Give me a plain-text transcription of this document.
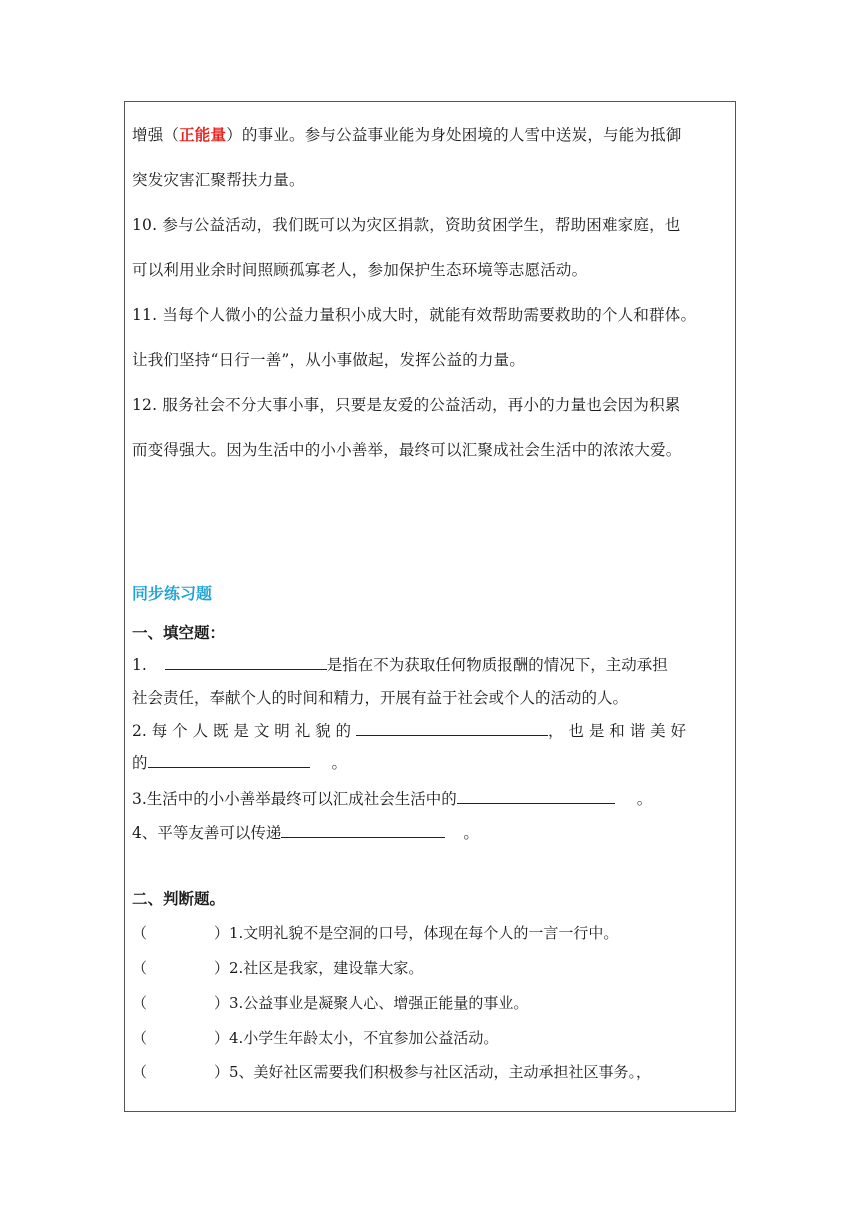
增强（正能量）的事业。参与公益事业能为身处困境的人雪中送炭，与能为抵御

突发灾害汇聚帮扶力量。

10. 参与公益活动，我们既可以为灾区捐款，资助贫困学生，帮助困难家庭，也

可以利用业余时间照顾孤寡老人，参加保护生态环境等志愿活动。

11. 当每个人微小的公益力量积小成大时，就能有效帮助需要救助的个人和群体。

让我们坚持“日行一善”，从小事做起，发挥公益的力量。

12. 服务社会不分大事小事，只要是友爱的公益活动，再小的力量也会因为积累

而变得强大。因为生活中的小小善举，最终可以汇聚成社会生活中的浓浓大爱。

同步练习题
一、填空题：
1.	是指在不为获取任何物质报酬的情况下，主动承担
社会责任，奉献个人的时间和精力，开展有益于社会或个人的活动的人。
2. 每 个 人 既 是 文 明 礼 貌 的	， 也 是 和 谐 美 好
的	。
3.生活中的小小善举最终可以汇成社会生活中的	。
4、平等友善可以传递	。
二、判断题。
（	）1.文明礼貌不是空洞的口号，体现在每个人的一言一行中。
（	）2.社区是我家，建设靠大家。
（	）3.公益事业是凝聚人心、增强正能量的事业。
（	）4.小学生年龄太小，不宜参加公益活动。
（	）5、美好社区需要我们积极参与社区活动，主动承担社区事务。，
